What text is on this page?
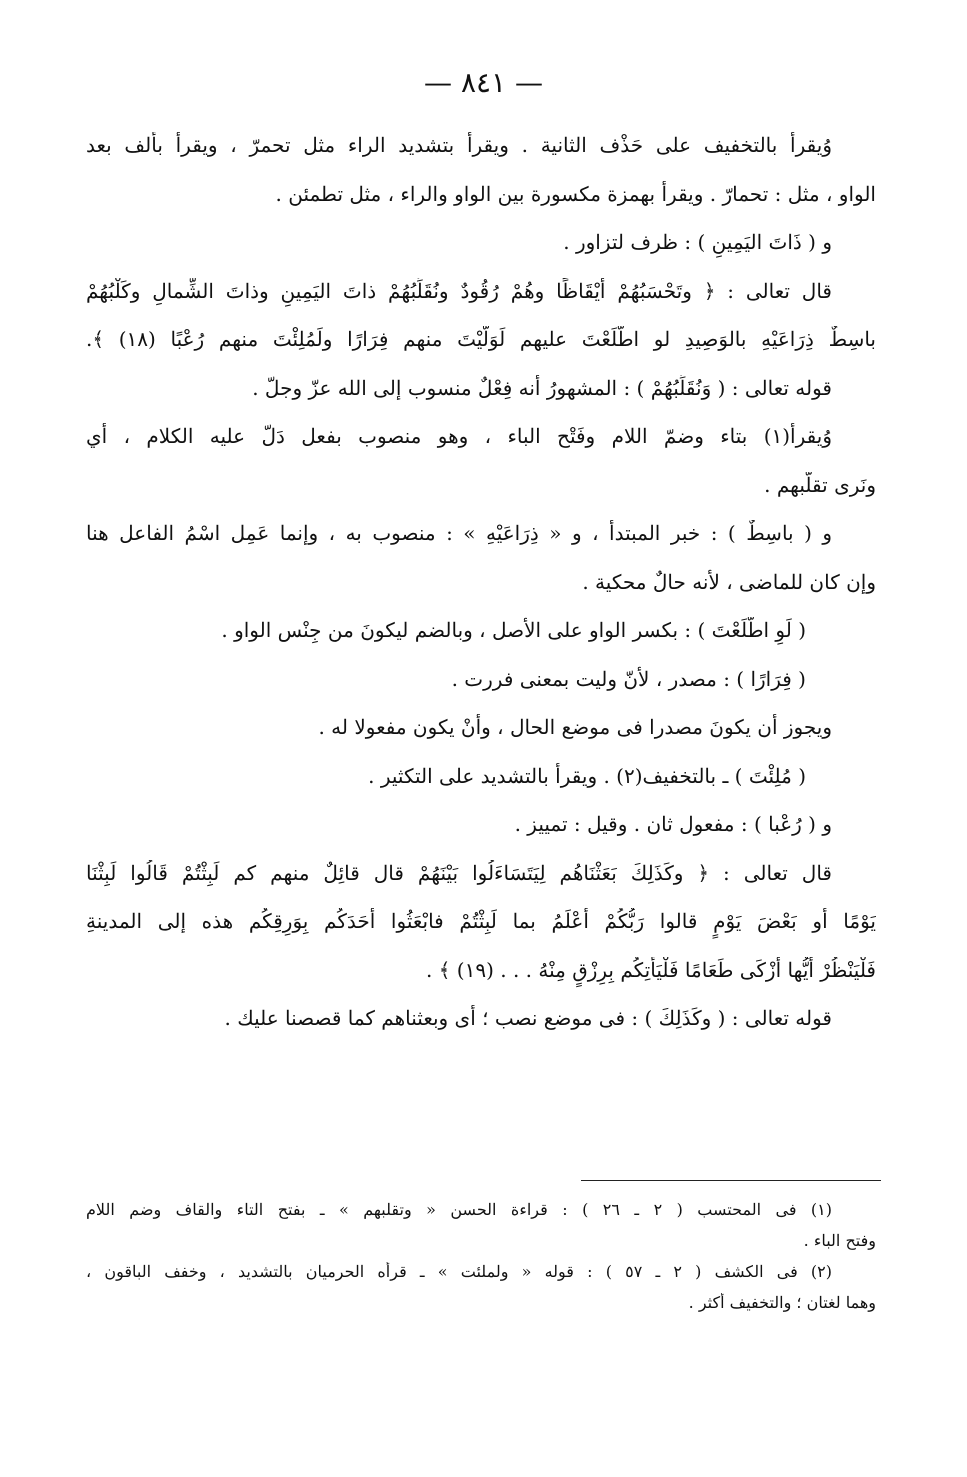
— ٨٤١ —
وُيقرأ بالتخفيف على حَذْف الثانية . ويقرأ بتشديد الراء مثل تحمرّ ، ويقرأ بألف بعد
الواو ، مثل : تحمارّ . ويقرأ بهمزة مكسورة بين الواو والراء ، مثل تطمئن .
و ( ذَاتَ اليَمِينِ ) : ظرف لتزاور .
قال تعالى : ﴿ وتَحْسَبُهُمْ أَيْقَاظًا وهُمْ رُقُودٌ ونُقَلِّبُهُمْ ذاتَ اليَمِينِ وذاتَ الشِّمالِ وكَلْبُهُمْ
باسِطٌ ذِرَاعَيْهِ بالوَصِيدِ لو اطَّلَعْتَ عليهم لَوَلَّيْتَ منهم فِرَارًا ولَمُلِئْتَ منهم رُعْبًا (١٨) ﴾.
قوله تعالى : ( وَنُقَلِّبُهُمْ ) : المشهورُ أنه فِعْلٌ منسوب إلى الله عزّ وجلّ .
وُيقرأ(١) بتاء وضمّ اللام وفَتْح الباء ، وهو منصوب بفعل دَلّ عليه الكلام ، أي
ونَرى تقلُّبهم .
و ( باسِطٌ ) : خبر المبتدأ ، و « ذِرَاعَيْهِ » : منصوب به ، وإنما عَمِل اسْمُ الفاعل هنا
وإن كان للماضى ، لأنه حالٌ محكية .
( لَوِ اطَّلَعْتَ ) : بكسر الواو على الأصل ، وبالضم ليكونَ من جِنْس الواو .
( فِرَارًا ) : مصدر ، لأنّ وليت بمعنى فررت .
ويجوز أن يكونَ مصدرا فى موضع الحال ، وأنْ يكون مفعولا له .
( مُلِئْتَ ) ـ بالتخفيف(٢) . ويقرأ بالتشديد على التكثير .
و ( رُعْبا ) : مفعول ثان . وقيل : تمييز .
قال تعالى : ﴿ وكَذَلِكَ بَعَثْنَاهُم لِيَتَسَاءَلُوا بَيْنَهُمْ قال قائِلٌ منهم كم لَبِثْتُمْ قَالُوا لَبِثْنَا
يَوْمًا أو بَعْضَ يَوْمٍ قالوا رَبُّكُمْ أَعْلَمُ بما لَبِثْتُمْ فابْعَثُوا أَحَدَكُم بِوَرِقِكُم هذه إلى المدينةِ
فَلْيَنْظُرْ أَيُّها أَزْكَى طَعَامًا فَلْيَأْتِكُم بِرِزْقٍ مِنْهُ . . . (١٩) ﴾ .
قوله تعالى : ( وكَذَلِكَ ) : فى موضع نصب ؛ أى وبعثناهم كما قصصنا عليك .
(١) فى المحتسب ( ٢ ـ ٢٦ ) : قراءة الحسن « وتقلبهم » ـ بفتح التاء والقاف وضم اللام
وفتح الباء .
(٢) فى الكشف ( ٢ ـ ٥٧ ) : قوله « ولملئت » ـ قرأه الحرميان بالتشديد ، وخفف الباقون ،
وهما لغتان ؛ والتخفيف أكثر .
